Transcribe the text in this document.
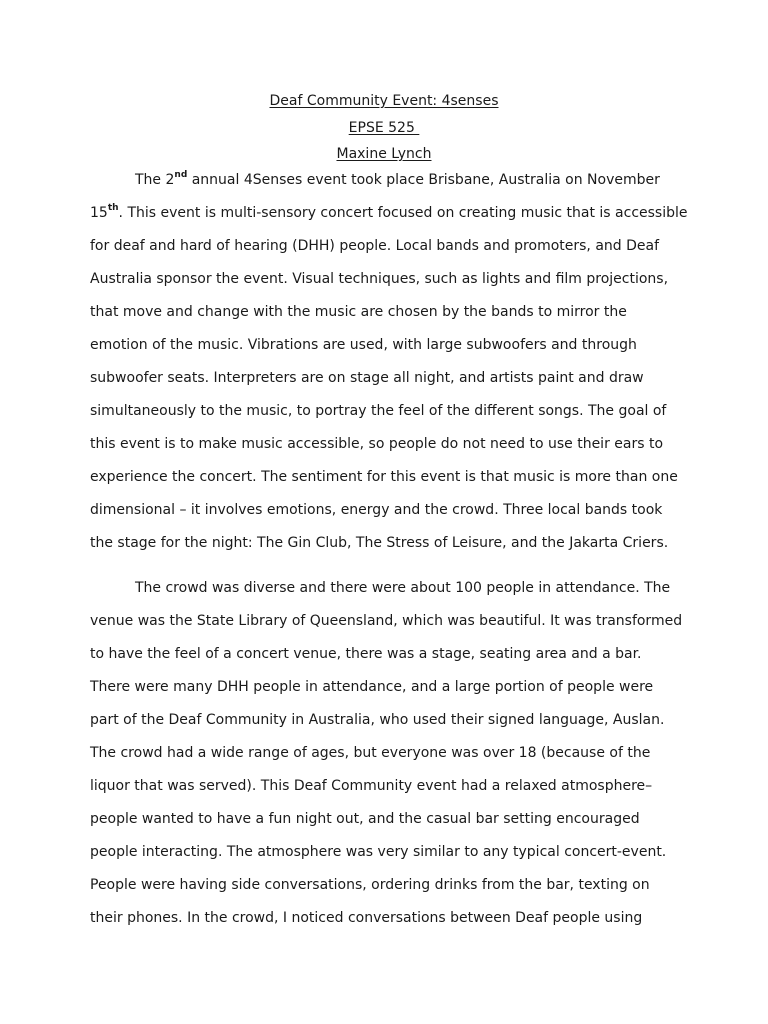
Deaf Community Event: 4senses
EPSE 525
Maxine Lynch
The 2nd annual 4Senses event took place Brisbane, Australia on November
15th. This event is multi-sensory concert focused on creating music that is accessible
for deaf and hard of hearing (DHH) people. Local bands and promoters, and Deaf
Australia sponsor the event. Visual techniques, such as lights and film projections,
that move and change with the music are chosen by the bands to mirror the
emotion of the music. Vibrations are used, with large subwoofers and through
subwoofer seats. Interpreters are on stage all night, and artists paint and draw
simultaneously to the music, to portray the feel of the different songs. The goal of
this event is to make music accessible, so people do not need to use their ears to
experience the concert. The sentiment for this event is that music is more than one
dimensional – it involves emotions, energy and the crowd. Three local bands took
the stage for the night: The Gin Club, The Stress of Leisure, and the Jakarta Criers.
The crowd was diverse and there were about 100 people in attendance. The
venue was the State Library of Queensland, which was beautiful. It was transformed
to have the feel of a concert venue, there was a stage, seating area and a bar.
There were many DHH people in attendance, and a large portion of people were
part of the Deaf Community in Australia, who used their signed language, Auslan.
The crowd had a wide range of ages, but everyone was over 18 (because of the
liquor that was served). This Deaf Community event had a relaxed atmosphere–
people wanted to have a fun night out, and the casual bar setting encouraged
people interacting. The atmosphere was very similar to any typical concert-event.
People were having side conversations, ordering drinks from the bar, texting on
their phones. In the crowd, I noticed conversations between Deaf people using
